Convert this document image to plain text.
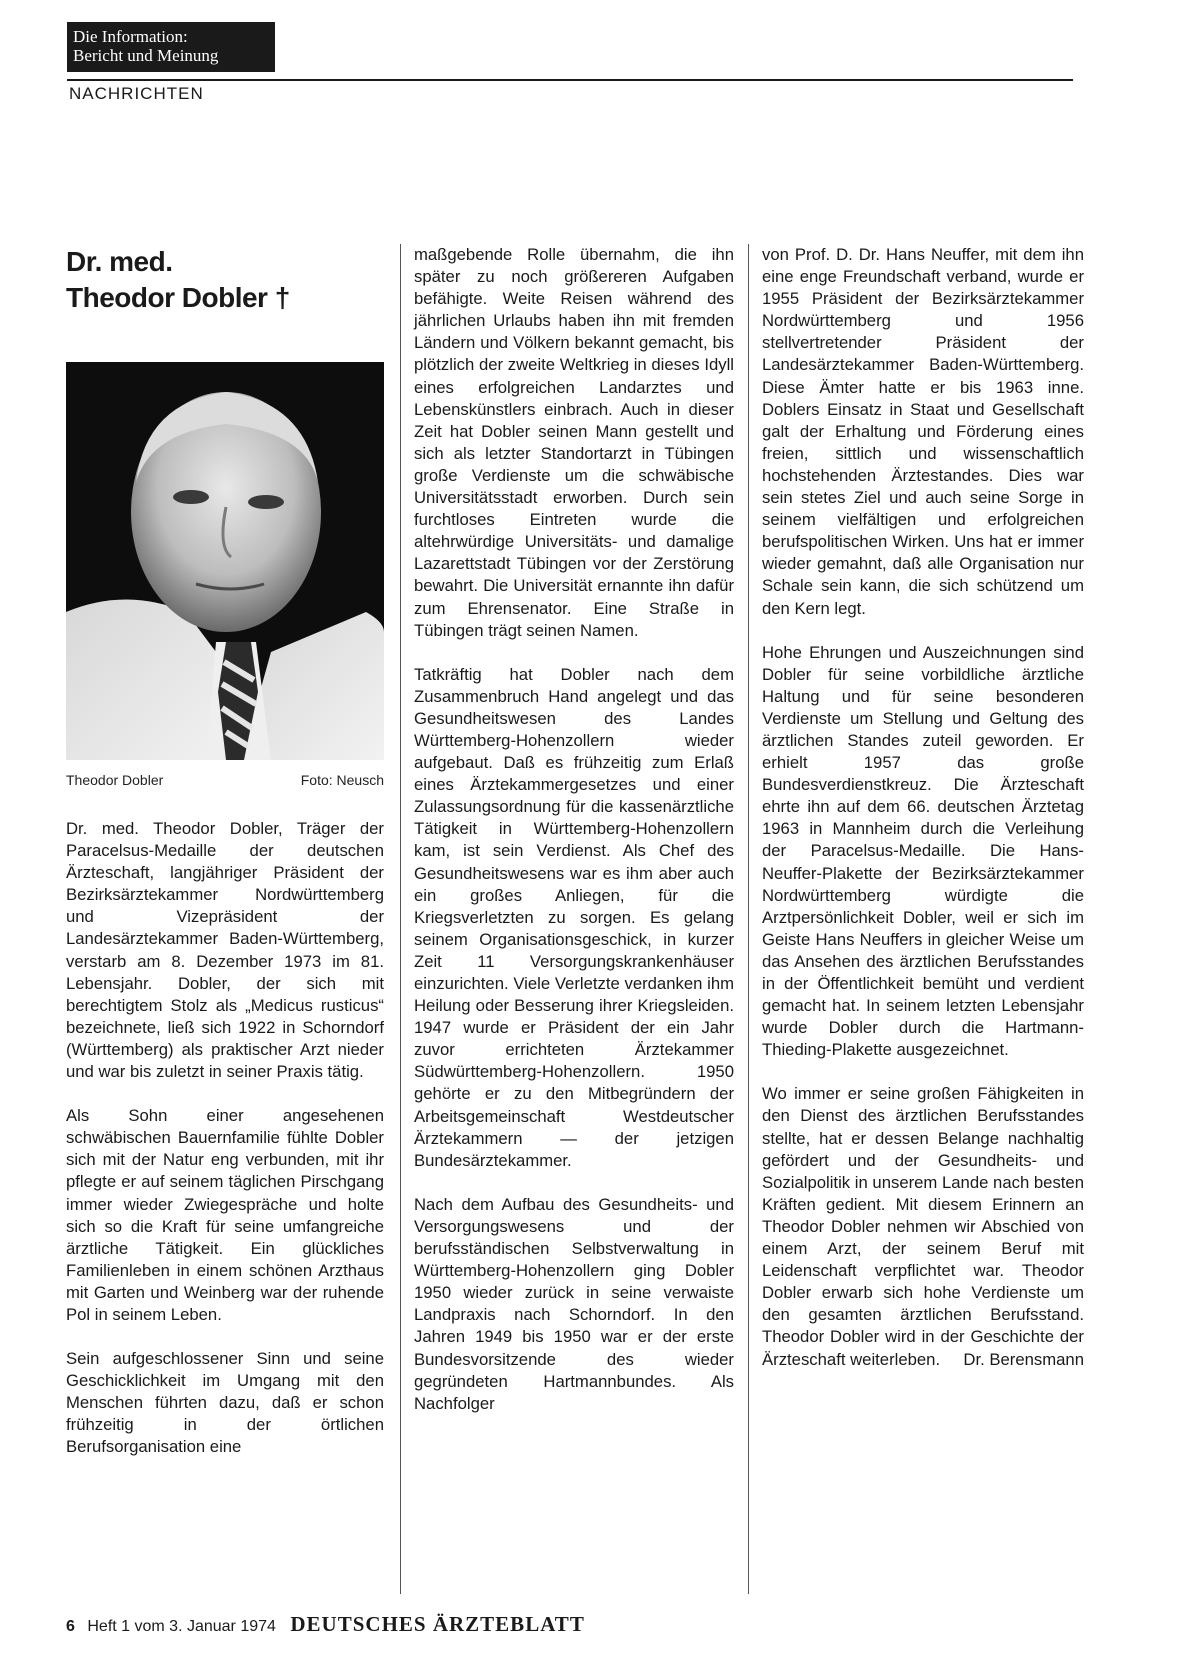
Die Information:
Bericht und Meinung
NACHRICHTEN
Dr. med.
Theodor Dobler †
Theodor Dobler	Foto: Neusch

Dr. med. Theodor Dobler, Träger der Paracelsus-Medaille der deutschen Ärzteschaft, langjähriger Präsident der Bezirksärztekammer Nordwürttemberg und Vizepräsident der Landesärztekammer Baden-Württemberg, verstarb am 8. Dezember 1973 im 81. Lebensjahr. Dobler, der sich mit berechtigtem Stolz als „Medicus rusticus“ bezeichnete, ließ sich 1922 in Schorndorf (Württemberg) als praktischer Arzt nieder und war bis zuletzt in seiner Praxis tätig.

Als Sohn einer angesehenen schwäbischen Bauernfamilie fühlte Dobler sich mit der Natur eng verbunden, mit ihr pflegte er auf seinem täglichen Pirschgang immer wieder Zwiegespräche und holte sich so die Kraft für seine umfangreiche ärztliche Tätigkeit. Ein glückliches Familienleben in einem schönen Arzthaus mit Garten und Weinberg war der ruhende Pol in seinem Leben.

Sein aufgeschlossener Sinn und seine Geschicklichkeit im Umgang mit den Menschen führten dazu, daß er schon frühzeitig in der örtlichen Berufsorganisation eine

maßgebende Rolle übernahm, die ihn später zu noch größereren Aufgaben befähigte. Weite Reisen während des jährlichen Urlaubs haben ihn mit fremden Ländern und Völkern bekannt gemacht, bis plötzlich der zweite Weltkrieg in dieses Idyll eines erfolgreichen Landarztes und Lebenskünstlers einbrach. Auch in dieser Zeit hat Dobler seinen Mann gestellt und sich als letzter Standortarzt in Tübingen große Verdienste um die schwäbische Universitätsstadt erworben. Durch sein furchtloses Eintreten wurde die altehrwürdige Universitäts- und damalige Lazarettstadt Tübingen vor der Zerstörung bewahrt. Die Universität ernannte ihn dafür zum Ehrensenator. Eine Straße in Tübingen trägt seinen Namen.

Tatkräftig hat Dobler nach dem Zusammenbruch Hand angelegt und das Gesundheitswesen des Landes Württemberg-Hohenzollern wieder aufgebaut. Daß es frühzeitig zum Erlaß eines Ärztekammergesetzes und einer Zulassungsordnung für die kassenärztliche Tätigkeit in Württemberg-Hohenzollern kam, ist sein Verdienst. Als Chef des Gesundheitswesens war es ihm aber auch ein großes Anliegen, für die Kriegsverletzten zu sorgen. Es gelang seinem Organisationsgeschick, in kurzer Zeit 11 Versorgungskrankenhäuser einzurichten. Viele Verletzte verdanken ihm Heilung oder Besserung ihrer Kriegsleiden. 1947 wurde er Präsident der ein Jahr zuvor errichteten Ärztekammer Südwürttemberg-Hohenzollern. 1950 gehörte er zu den Mitbegründern der Arbeitsgemeinschaft Westdeutscher Ärztekammern — der jetzigen Bundesärztekammer.

Nach dem Aufbau des Gesundheits- und Versorgungswesens und der berufsständischen Selbstverwaltung in Württemberg-Hohenzollern ging Dobler 1950 wieder zurück in seine verwaiste Landpraxis nach Schorndorf. In den Jahren 1949 bis 1950 war er der erste Bundesvorsitzende des wieder gegründeten Hartmannbundes. Als Nachfolger

von Prof. D. Dr. Hans Neuffer, mit dem ihn eine enge Freundschaft verband, wurde er 1955 Präsident der Bezirksärztekammer Nordwürttemberg und 1956 stellvertretender Präsident der Landesärztekammer Baden-Württemberg. Diese Ämter hatte er bis 1963 inne. Doblers Einsatz in Staat und Gesellschaft galt der Erhaltung und Förderung eines freien, sittlich und wissenschaftlich hochstehenden Ärztestandes. Dies war sein stetes Ziel und auch seine Sorge in seinem vielfältigen und erfolgreichen berufspolitischen Wirken. Uns hat er immer wieder gemahnt, daß alle Organisation nur Schale sein kann, die sich schützend um den Kern legt.

Hohe Ehrungen und Auszeichnungen sind Dobler für seine vorbildliche ärztliche Haltung und für seine besonderen Verdienste um Stellung und Geltung des ärztlichen Standes zuteil geworden. Er erhielt 1957 das große Bundesverdienstkreuz. Die Ärzteschaft ehrte ihn auf dem 66. deutschen Ärztetag 1963 in Mannheim durch die Verleihung der Paracelsus-Medaille. Die Hans-Neuffer-Plakette der Bezirksärztekammer Nordwürttemberg würdigte die Arztpersönlichkeit Dobler, weil er sich im Geiste Hans Neuffers in gleicher Weise um das Ansehen des ärztlichen Berufsstandes in der Öffentlichkeit bemüht und verdient gemacht hat. In seinem letzten Lebensjahr wurde Dobler durch die Hartmann-Thieding-Plakette ausgezeichnet.

Wo immer er seine großen Fähigkeiten in den Dienst des ärztlichen Berufsstandes stellte, hat er dessen Belange nachhaltig gefördert und der Gesundheits- und Sozialpolitik in unserem Lande nach besten Kräften gedient. Mit diesem Erinnern an Theodor Dobler nehmen wir Abschied von einem Arzt, der seinem Beruf mit Leidenschaft verpflichtet war. Theodor Dobler erwarb sich hohe Verdienste um den gesamten ärztlichen Berufsstand. Theodor Dobler wird in der Geschichte der Ärzteschaft weiterleben. Dr. Berensmann

6 Heft 1 vom 3. Januar 1974 DEUTSCHES ÄRZTEBLATT
